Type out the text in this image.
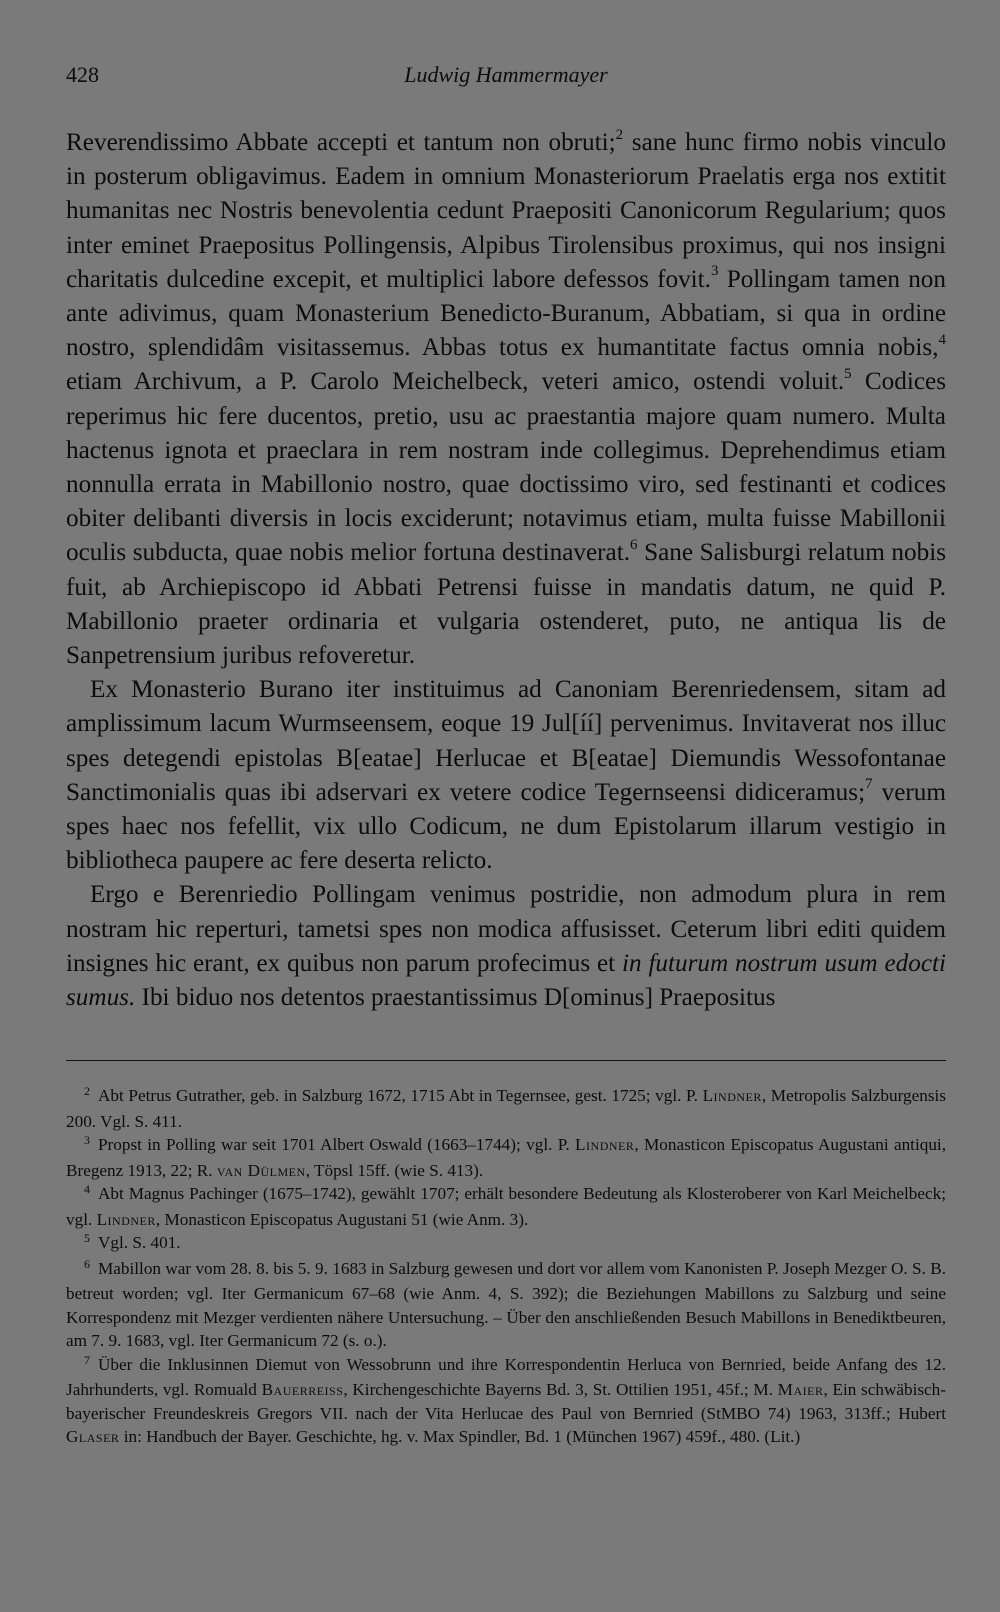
428	Ludwig Hammermayer

Reverendissimo Abbate accepti et tantum non obruti;$^2$ sane hunc firmo nobis vinculo in posterum obligavimus. Eadem in omnium Monasteriorum Praelatis erga nos extitit humanitas nec Nostris benevolentia cedunt Praepositi Canonicorum Regularium; quos inter eminet Praepositus Pollingensis, Alpibus Tirolensibus proximus, qui nos insigni charitatis dulcedine excepit, et multiplici labore defessos fovit.$^3$ Pollingam tamen non ante adivimus, quam Monasterium Benedicto-Buranum, Abbatiam, si qua in ordine nostro, splendidâm visitassemus. Abbas totus ex humantitate factus omnia nobis,$^4$ etiam Archivum, a P. Carolo Meichelbeck, veteri amico, ostendi voluit.$^5$ Codices reperimus hic fere ducentos, pretio, usu ac praestantia majore quam numero. Multa hactenus ignota et praeclara in rem nostram inde collegimus. Deprehendimus etiam nonnulla errata in Mabillonio nostro, quae doctissimo viro, sed festinanti et codices obiter delibanti diversis in locis exciderunt; notavimus etiam, multa fuisse Mabillonii oculis subducta, quae nobis melior fortuna destinaverat.$^6$ Sane Salisburgi relatum nobis fuit, ab Archiepiscopo id Abbati Petrensi fuisse in mandatis datum, ne quid P. Mabillonio praeter ordinaria et vulgaria ostenderet, puto, ne antiqua lis de Sanpetrensium juribus refoveretur.

Ex Monasterio Burano iter instituimus ad Canoniam Berenriedensem, sitam ad amplissimum lacum Wurmseensem, eoque 19 Jul[íí] pervenimus. Invitaverat nos illuc spes detegendi epistolas B[eatae] Herlucae et B[eatae] Diemundis Wessofontanae Sanctimonialis quas ibi adservari ex vetere codice Tegernseensi didiceramus;$^7$ verum spes haec nos fefellit, vix ullo Codicum, ne dum Epistolarum illarum vestigio in bibliotheca paupere ac fere deserta relicto.

Ergo e Berenriedio Pollingam venimus postridie, non admodum plura in rem nostram hic reperturi, tametsi spes non modica affusisset. Ceterum libri editi quidem insignes hic erant, ex quibus non parum profecimus et in futurum nostrum usum edocti sumus. Ibi biduo nos detentos praestantissimus D[ominus] Praepositus

$^2$ Abt Petrus Gutrather, geb. in Salzburg 1672, 1715 Abt in Tegernsee, gest. 1725; vgl. P. Lindner, Metropolis Salzburgensis 200. Vgl. S. 411.

$^3$ Propst in Polling war seit 1701 Albert Oswald (1663–1744); vgl. P. Lindner, Monasticon Episcopatus Augustani antiqui, Bregenz 1913, 22; R. van Dülmen, Töpsl 15ff. (wie S. 413).

$^4$ Abt Magnus Pachinger (1675–1742), gewählt 1707; erhält besondere Bedeutung als Klosteroberer von Karl Meichelbeck; vgl. Lindner, Monasticon Episcopatus Augustani 51 (wie Anm. 3).

$^5$ Vgl. S. 401.

$^6$ Mabillon war vom 28. 8. bis 5. 9. 1683 in Salzburg gewesen und dort vor allem vom Kanonisten P. Joseph Mezger O. S. B. betreut worden; vgl. Iter Germanicum 67–68 (wie Anm. 4, S. 392); die Beziehungen Mabillons zu Salzburg und seine Korrespondenz mit Mezger verdienten nähere Untersuchung. – Über den anschließenden Besuch Mabillons in Benediktbeuren, am 7. 9. 1683, vgl. Iter Germanicum 72 (s. o.).

$^7$ Über die Inklusinnen Diemut von Wessobrunn und ihre Korrespondentin Herluca von Bernried, beide Anfang des 12. Jahrhunderts, vgl. Romuald Bauerreiss, Kirchengeschichte Bayerns Bd. 3, St. Ottilien 1951, 45f.; M. Maier, Ein schwäbisch-bayerischer Freundeskreis Gregors VII. nach der Vita Herlucae des Paul von Bernried (StMBO 74) 1963, 313ff.; Hubert Glaser in: Handbuch der Bayer. Geschichte, hg. v. Max Spindler, Bd. 1 (München 1967) 459f., 480. (Lit.)
